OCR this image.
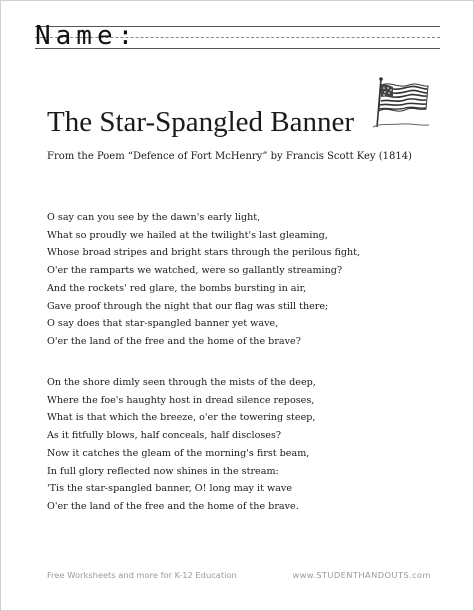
Name:
The Star-Spangled Banner
From the Poem “Defence of Fort McHenry” by Francis Scott Key (1814)
O say can you see by the dawn's early light,
What so proudly we hailed at the twilight's last gleaming,
Whose broad stripes and bright stars through the perilous fight,
O'er the ramparts we watched, were so gallantly streaming?
And the rockets' red glare, the bombs bursting in air,
Gave proof through the night that our flag was still there;
O say does that star-spangled banner yet wave,
O'er the land of the free and the home of the brave?
On the shore dimly seen through the mists of the deep,
Where the foe's haughty host in dread silence reposes,
What is that which the breeze, o'er the towering steep,
As it fitfully blows, half conceals, half discloses?
Now it catches the gleam of the morning's first beam,
In full glory reflected now shines in the stream:
'Tis the star-spangled banner, O! long may it wave
O'er the land of the free and the home of the brave.
Free Worksheets and more for K-12 Education	www.STUDENTHANDOUTS.com
